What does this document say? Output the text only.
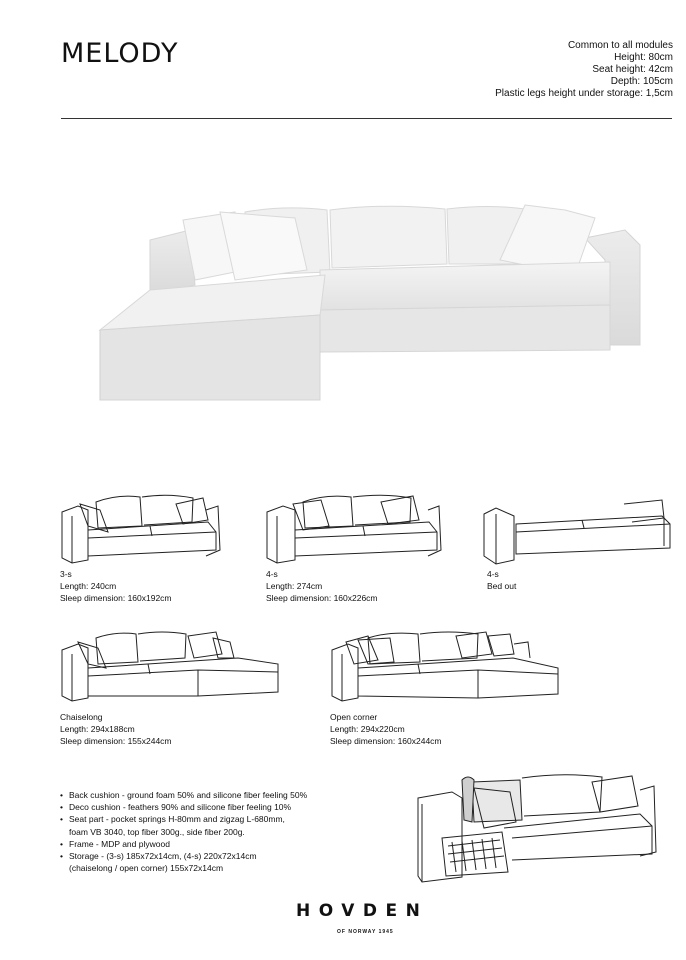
MELODY	Common to all modules
Height: 80cm
Seat height: 42cm
Depth: 105cm
Plastic legs height under storage: 1,5cm
3-s
Length: 240cm
Sleep dimension: 160x192cm
4-s
Length: 274cm
Sleep dimension: 160x226cm
4-s
Bed out
Chaiselong
Length: 294x188cm
Sleep dimension: 155x244cm
Open corner
Length: 294x220cm
Sleep dimension: 160x244cm
• Back cushion - ground foam 50% and silicone fiber feeling 50%
• Deco cushion - feathers 90% and silicone fiber feeling 10%
• Seat part - pocket springs H-80mm and zigzag L-680mm,
foam VB 3040, top fiber 300g., side fiber 200g.
• Frame - MDP and plywood
• Storage - (3-s) 185x72x14cm, (4-s) 220x72x14cm
(chaiselong / open corner) 155x72x14cm
HOVDEN
OF NORWAY 1945
